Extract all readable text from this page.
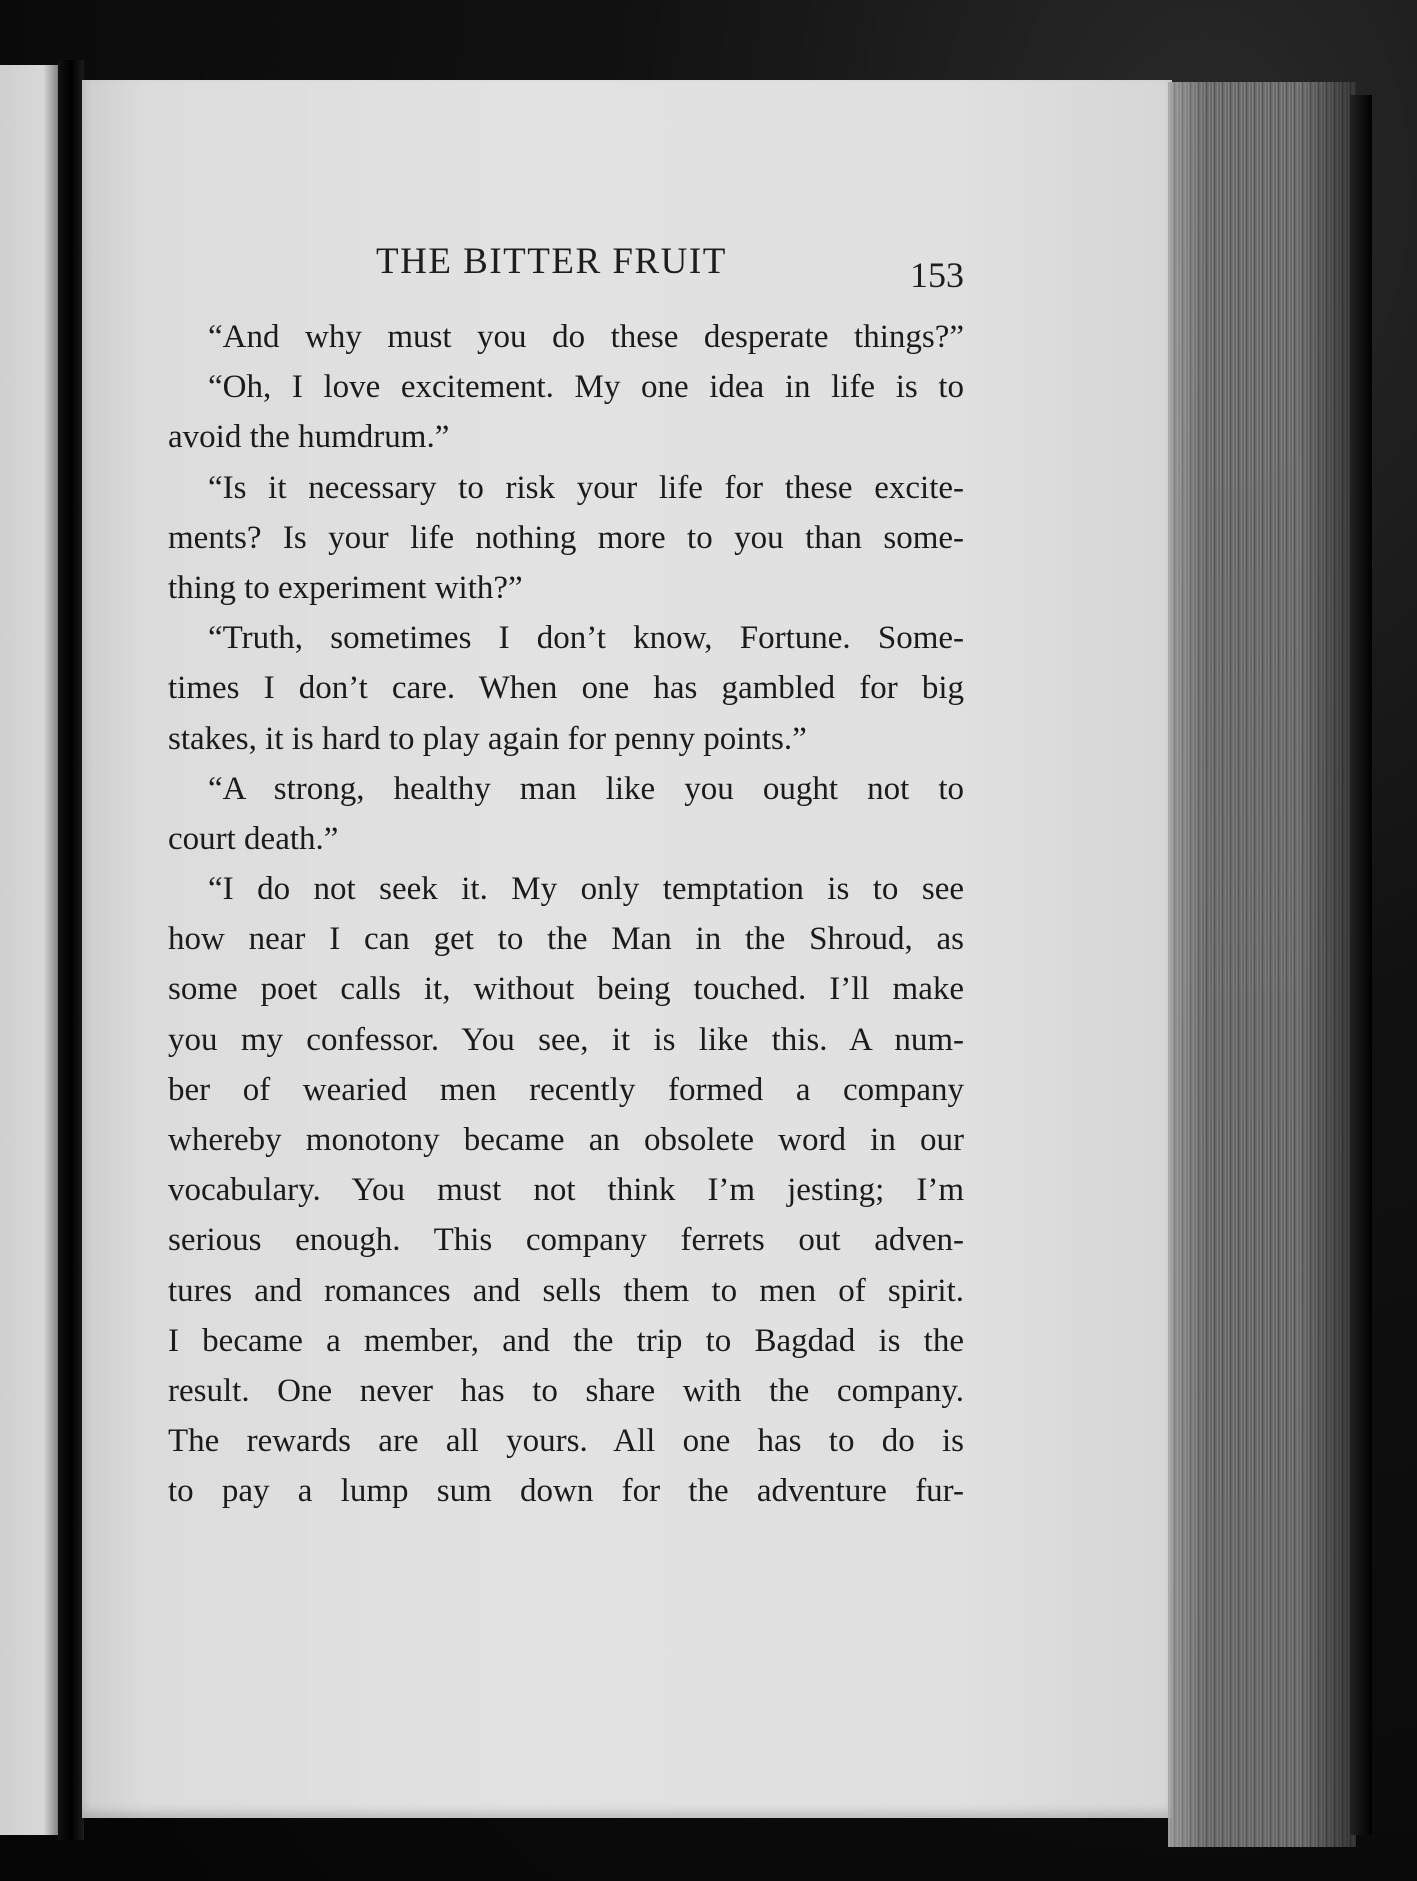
THE BITTER FRUIT	153
“And why must you do these desperate things?”
“Oh, I love excitement. My one idea in life is to
avoid the humdrum.”
“Is it necessary to risk your life for these excite-
ments? Is your life nothing more to you than some-
thing to experiment with?”
“Truth, sometimes I don’t know, Fortune. Some-
times I don’t care. When one has gambled for big
stakes, it is hard to play again for penny points.”
“A strong, healthy man like you ought not to
court death.”
“I do not seek it. My only temptation is to see
how near I can get to the Man in the Shroud, as
some poet calls it, without being touched. I’ll make
you my confessor. You see, it is like this. A num-
ber of wearied men recently formed a company
whereby monotony became an obsolete word in our
vocabulary. You must not think I’m jesting; I’m
serious enough. This company ferrets out adven-
tures and romances and sells them to men of spirit.
I became a member, and the trip to Bagdad is the
result. One never has to share with the company.
The rewards are all yours. All one has to do is
to pay a lump sum down for the adventure fur-
